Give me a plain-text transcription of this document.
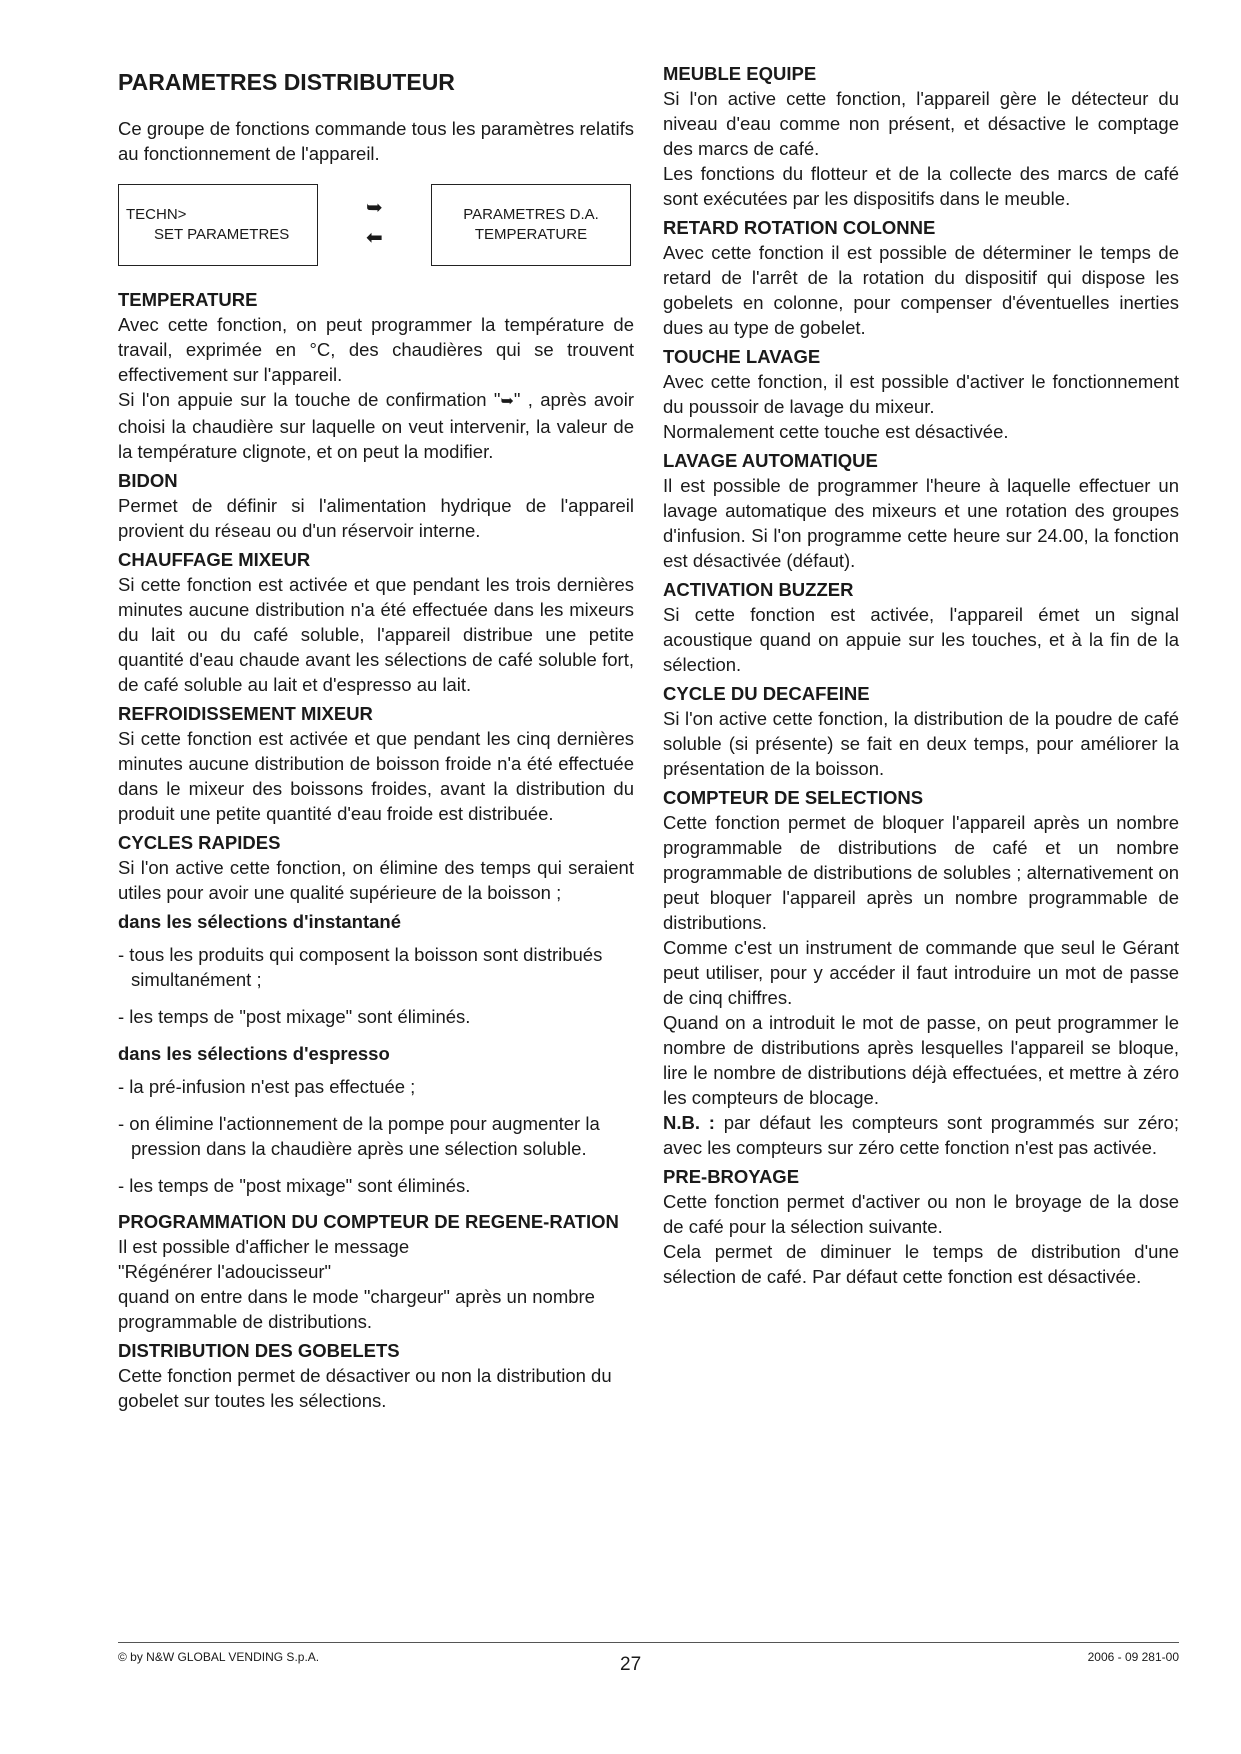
PARAMETRES DISTRIBUTEUR

Ce groupe de fonctions commande tous les paramètres relatifs au fonctionnement de l'appareil.

TECHN>
SET PARAMETRES
➥
⬅
PARAMETRES D.A.
TEMPERATURE
TEMPERATURE

Avec cette fonction, on peut programmer la température de travail, exprimée en °C, des chaudières qui se trouvent effectivement sur l'appareil.

Si l'on appuie sur la touche de confirmation "➥" , après avoir choisi la chaudière sur laquelle on veut intervenir, la valeur de la température clignote, et on peut la modifier.

BIDON

Permet de définir si l'alimentation hydrique de l'appareil provient du réseau ou d'un réservoir interne.

CHAUFFAGE MIXEUR

Si cette fonction est activée et que pendant les trois dernières minutes aucune distribution n'a été effectuée dans les mixeurs du lait ou du café soluble, l'appareil distribue une petite quantité d'eau chaude avant les sélections de café soluble fort, de café soluble au lait et d'espresso au lait.

REFROIDISSEMENT MIXEUR

Si cette fonction est activée et que pendant les cinq dernières minutes aucune distribution de boisson froide n'a été effectuée dans le mixeur des boissons froides, avant la distribution du produit une petite quantité d'eau froide est distribuée.

CYCLES RAPIDES

Si l'on active cette fonction, on élimine des temps qui seraient utiles pour avoir une qualité supérieure de la boisson ;

dans les sélections d'instantané

- tous les produits qui composent la boisson sont distribués simultanément ;

- les temps de "post mixage" sont éliminés.

dans les sélections d'espresso

- la pré-infusion n'est pas effectuée ;

- on élimine l'actionnement de la pompe pour augmenter la pression dans la chaudière après une sélection soluble.

- les temps de "post mixage" sont éliminés.

PROGRAMMATION DU COMPTEUR DE REGENE-RATION

Il est possible d'afficher le message

"Régénérer l'adoucisseur"

quand on entre dans le mode "chargeur" après un nombre programmable de distributions.

DISTRIBUTION DES GOBELETS

Cette fonction permet de désactiver ou non la distribution du gobelet sur toutes les sélections.

MEUBLE EQUIPE

Si l'on active cette fonction, l'appareil gère le détecteur du niveau d'eau comme non présent, et désactive le comptage des marcs de café.

Les fonctions du flotteur et de la collecte des marcs de café sont exécutées par les dispositifs dans le meuble.

RETARD ROTATION COLONNE

Avec cette fonction il est possible de déterminer le temps de retard de l'arrêt de la rotation du dispositif qui dispose les gobelets en colonne, pour compenser d'éventuelles inerties dues au type de gobelet.

TOUCHE LAVAGE

Avec cette fonction, il est possible d'activer le fonctionnement du poussoir de lavage du mixeur.

Normalement cette touche est désactivée.

LAVAGE AUTOMATIQUE

Il est possible de programmer l'heure à laquelle effectuer un lavage automatique des mixeurs et une rotation des groupes d'infusion. Si l'on programme cette heure sur 24.00, la fonction est désactivée (défaut).

ACTIVATION BUZZER

Si cette fonction est activée, l'appareil émet un signal acoustique quand on appuie sur les touches, et à la fin de la sélection.

CYCLE DU DECAFEINE

Si l'on active cette fonction, la distribution de la poudre de café soluble (si présente) se fait en deux temps, pour améliorer la présentation de la boisson.

COMPTEUR DE SELECTIONS

Cette fonction permet de bloquer l'appareil après un nombre programmable de distributions de café et un nombre programmable de distributions de solubles ; alternativement on peut bloquer l'appareil après un nombre programmable de distributions.

Comme c'est un instrument de commande que seul le Gérant peut utiliser, pour y accéder il faut introduire un mot de passe de cinq chiffres.

Quand on a introduit le mot de passe, on peut programmer le nombre de distributions après lesquelles l'appareil se bloque, lire le nombre de distributions déjà effectuées, et mettre à zéro les compteurs de blocage.

N.B. : par défaut les compteurs sont programmés sur zéro; avec les compteurs sur zéro cette fonction n'est pas activée.

PRE-BROYAGE

Cette fonction permet d'activer ou non le broyage de la dose de café pour la sélection suivante.

Cela permet de diminuer le temps de distribution d'une sélection de café. Par défaut cette fonction est désactivée.

© by N&W GLOBAL VENDING S.p.A.	27	2006 - 09 281-00
